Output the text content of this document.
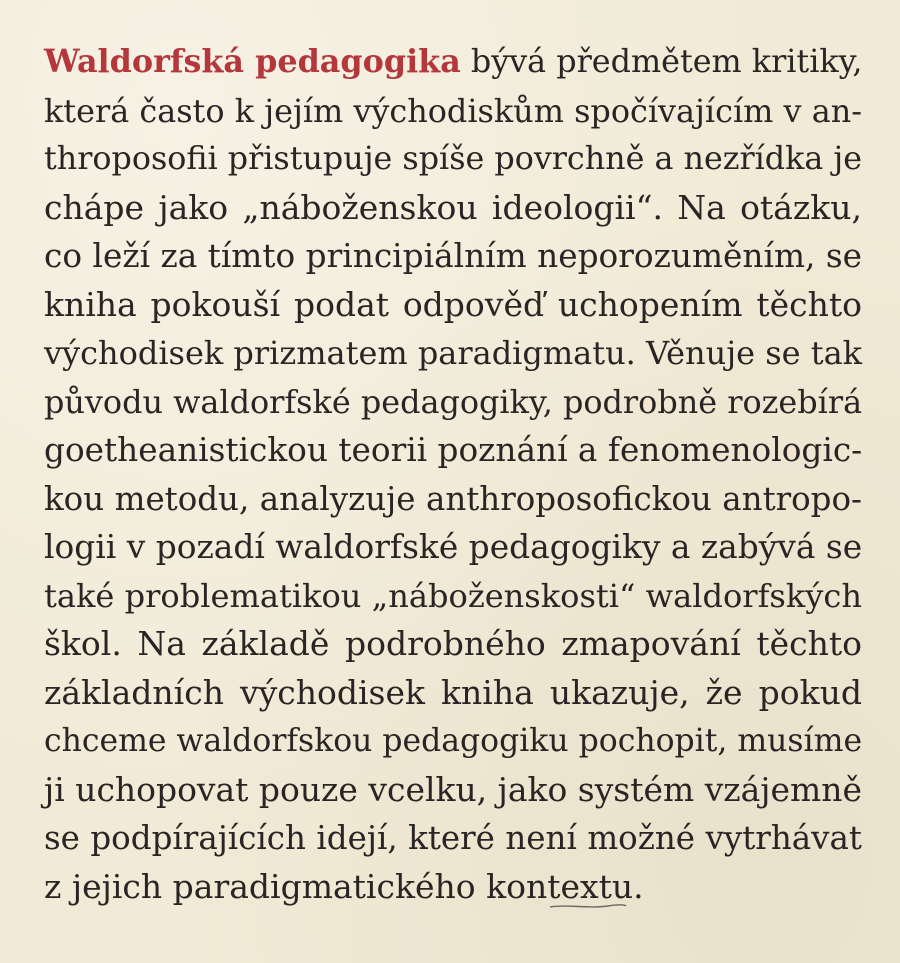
Waldorfská pedagogika bývá předmětem kritiky,
která často k jejím východiskům spočívajícím v an-
throposofii přistupuje spíše povrchně a nezřídka je
chápe jako „náboženskou ideologii“. Na otázku,
co leží za tímto principiálním neporozuměním, se
kniha pokouší podat odpověď uchopením těchto
východisek prizmatem paradigmatu. Věnuje se tak
původu waldorfské pedagogiky, podrobně rozebírá
goetheanistickou teorii poznání a fenomenologic-
kou metodu, analyzuje anthroposofickou antropo-
logii v pozadí waldorfské pedagogiky a zabývá se
také problematikou „náboženskosti“ waldorfských
škol. Na základě podrobného zmapování těchto
základních východisek kniha ukazuje, že pokud
chceme waldorfskou pedagogiku pochopit, musíme
ji uchopovat pouze vcelku, jako systém vzájemně
se podpírajících idejí, které není možné vytrhávat
z jejich paradigmatického kontextu.
